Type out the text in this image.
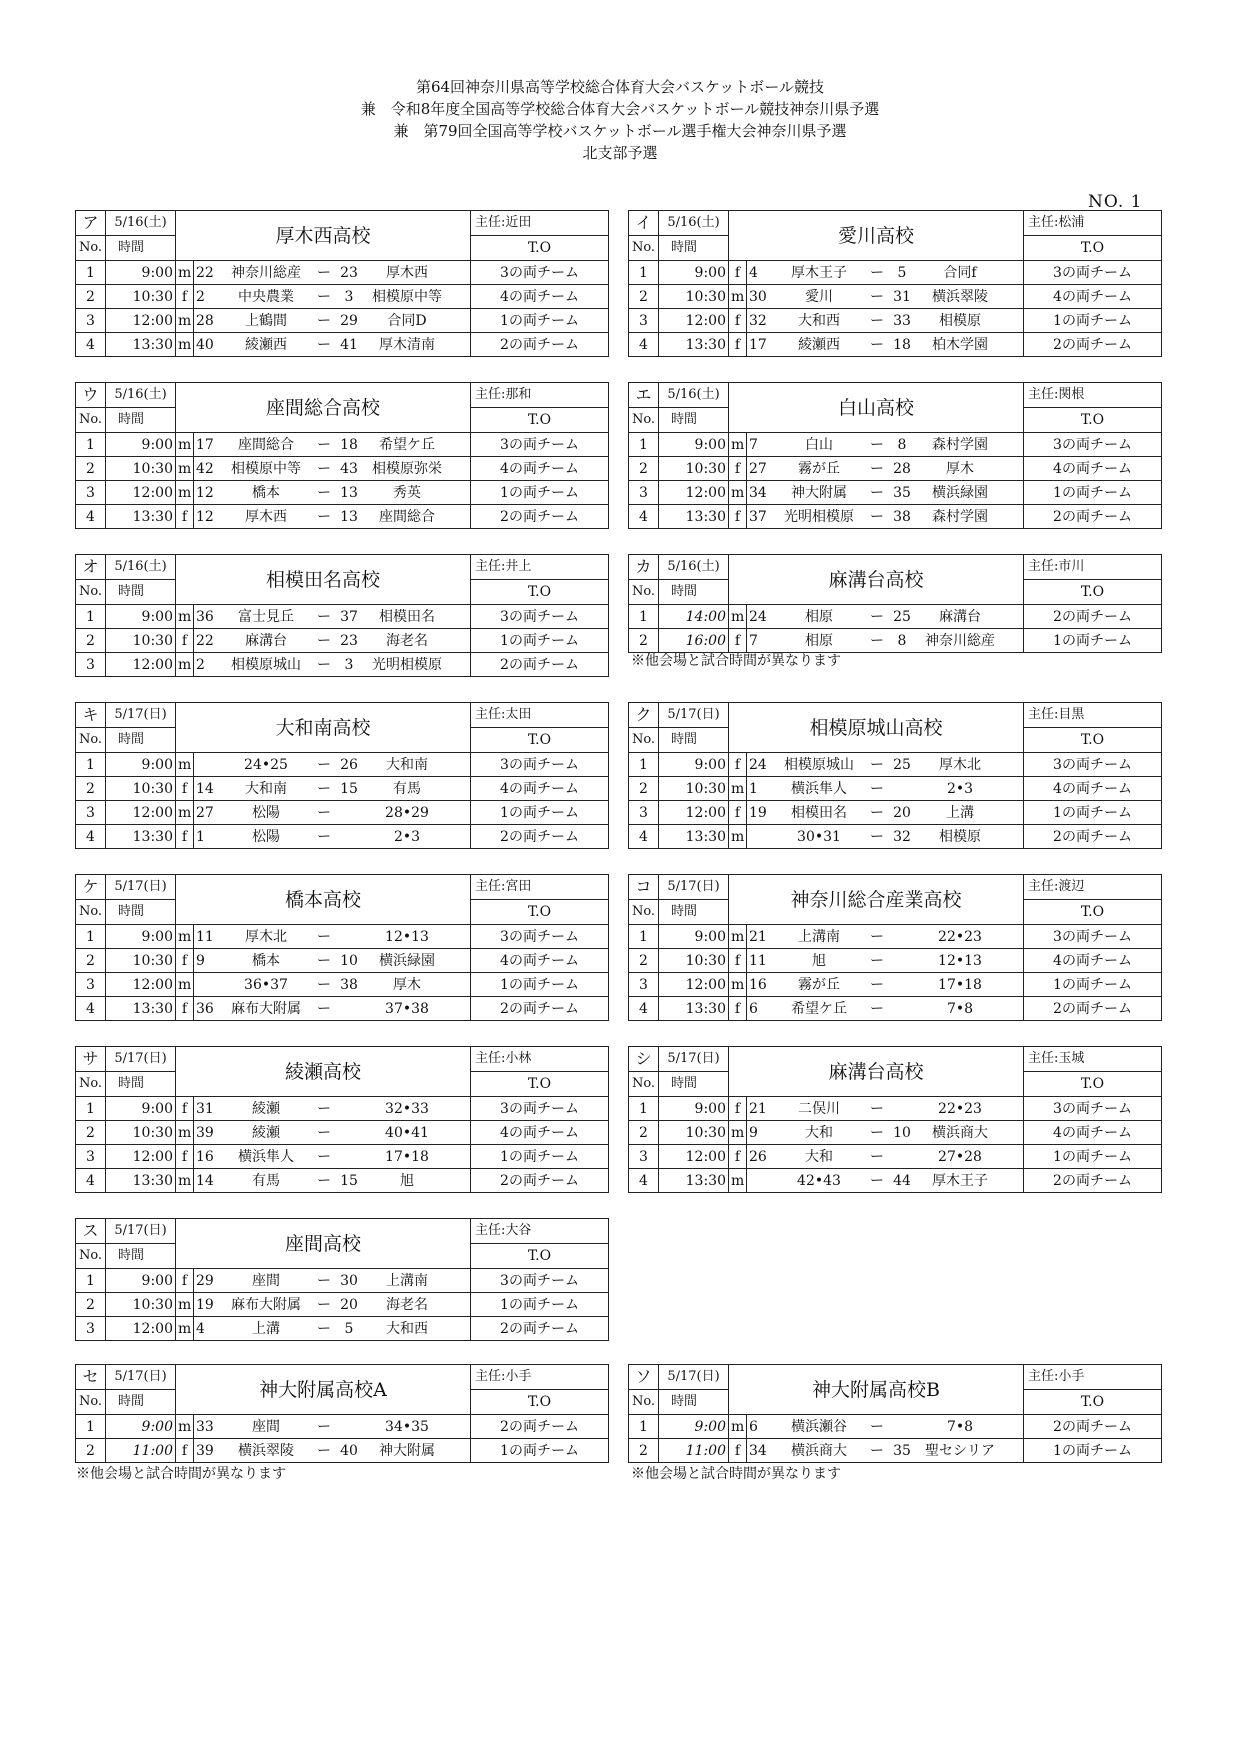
第64回神奈川県高等学校総合体育大会バスケットボール競技
兼　令和8年度全国高等学校総合体育大会バスケットボール競技神奈川県予選
兼　第79回全国高等学校バスケットボール選手権大会神奈川県予選
北支部予選
NO. 1
ア	5/16(土)	厚木西高校		主任:近田
No.	時間			T.O
1	9:00	m	22 神奈川総産 ー 23 厚木西	3の両チーム
2	10:30	f	2 中央農業 ー 3 相模原中等	4の両チーム
3	12:00	m	28 上鶴間 ー 29 合同D	1の両チーム
4	13:30	m	40 綾瀬西 ー 41 厚木清南	2の両チーム
イ	5/16(土)	愛川高校		主任:松浦
No.	時間			T.O
1	9:00	f	4 厚木王子 ー 5 合同f	3の両チーム
2	10:30	m	30 愛川 ー 31 横浜翠陵	4の両チーム
3	12:00	f	32 大和西 ー 33 相模原	1の両チーム
4	13:30	f	17 綾瀬西 ー 18 柏木学園	2の両チーム
ウ	5/16(土)	座間総合高校		主任:那和
No.	時間			T.O
1	9:00	m	17 座間総合 ー 18 希望ケ丘	3の両チーム
2	10:30	m	42 相模原中等 ー 43 相模原弥栄	4の両チーム
3	12:00	m	12 橋本 ー 13 秀英	1の両チーム
4	13:30	f	12 厚木西 ー 13 座間総合	2の両チーム
エ	5/16(土)	白山高校		主任:関根
No.	時間			T.O
1	9:00	m	7 白山 ー 8 森村学園	3の両チーム
2	10:30	f	27 霧が丘 ー 28 厚木	4の両チーム
3	12:00	m	34 神大附属 ー 35 横浜緑園	1の両チーム
4	13:30	f	37 光明相模原 ー 38 森村学園	2の両チーム
オ	5/16(土)	相模田名高校		主任:井上
No.	時間			T.O
1	9:00	m	36 富士見丘 ー 37 相模田名	3の両チーム
2	10:30	f	22 麻溝台 ー 23 海老名	1の両チーム
3	12:00	m	2 相模原城山 ー 3 光明相模原	2の両チーム
カ	5/16(土)	麻溝台高校		主任:市川
No.	時間			T.O
1	14:00	m	24 相原 ー 25 麻溝台	2の両チーム
2	16:00	f	7 相原 ー 8 神奈川総産	1の両チーム
キ	5/17(日)	大和南高校		主任:太田
No.	時間			T.O
1	9:00	m	24•25 ー 26 大和南	3の両チーム
2	10:30	f	14 大和南 ー 15 有馬	4の両チーム
3	12:00	m	27 松陽 ー 28•29	1の両チーム
4	13:30	f	1 松陽 ー 2•3	2の両チーム
ク	5/17(日)	相模原城山高校		主任:目黒
No.	時間			T.O
1	9:00	f	24 相模原城山 ー 25 厚木北	3の両チーム
2	10:30	m	1 横浜隼人 ー 2•3	4の両チーム
3	12:00	f	19 相模田名 ー 20 上溝	1の両チーム
4	13:30	m	30•31 ー 32 相模原	2の両チーム
ケ	5/17(日)	橋本高校		主任:宮田
No.	時間			T.O
1	9:00	m	11 厚木北 ー 12•13	3の両チーム
2	10:30	f	9 橋本 ー 10 横浜緑園	4の両チーム
3	12:00	m	36•37 ー 38 厚木	1の両チーム
4	13:30	f	36 麻布大附属 ー 37•38	2の両チーム
コ	5/17(日)	神奈川総合産業高校		主任:渡辺
No.	時間			T.O
1	9:00	m	21 上溝南 ー 22•23	3の両チーム
2	10:30	f	11 旭 ー 12•13	4の両チーム
3	12:00	m	16 霧が丘 ー 17•18	1の両チーム
4	13:30	f	6 希望ケ丘 ー 7•8	2の両チーム
サ	5/17(日)	綾瀬高校		主任:小林
No.	時間			T.O
1	9:00	f	31 綾瀬 ー 32•33	3の両チーム
2	10:30	m	39 綾瀬 ー 40•41	4の両チーム
3	12:00	f	16 横浜隼人 ー 17•18	1の両チーム
4	13:30	m	14 有馬 ー 15 旭	2の両チーム
シ	5/17(日)	麻溝台高校		主任:玉城
No.	時間			T.O
1	9:00	f	21 二俣川 ー 22•23	3の両チーム
2	10:30	m	9 大和 ー 10 横浜商大	4の両チーム
3	12:00	f	26 大和 ー 27•28	1の両チーム
4	13:30	m	42•43 ー 44 厚木王子	2の両チーム
ス	5/17(日)	座間高校		主任:大谷
No.	時間			T.O
1	9:00	f	29 座間 ー 30 上溝南	3の両チーム
2	10:30	m	19 麻布大附属 ー 20 海老名	1の両チーム
3	12:00	m	4 上溝 ー 5 大和西	2の両チーム
セ	5/17(日)	神大附属高校A		主任:小手
No.	時間			T.O
1	9:00	m	33 座間 ー 34•35	2の両チーム
2	11:00	f	39 横浜翠陵 ー 40 神大附属	1の両チーム
ソ	5/17(日)	神大附属高校B		主任:小手
No.	時間			T.O
1	9:00	m	6 横浜瀬谷 ー 7•8	2の両チーム
2	11:00	f	34 横浜商大 ー 35 聖セシリア	1の両チーム
※他会場と試合時間が異なります	※他会場と試合時間が異なります
※他会場と試合時間が異なります
